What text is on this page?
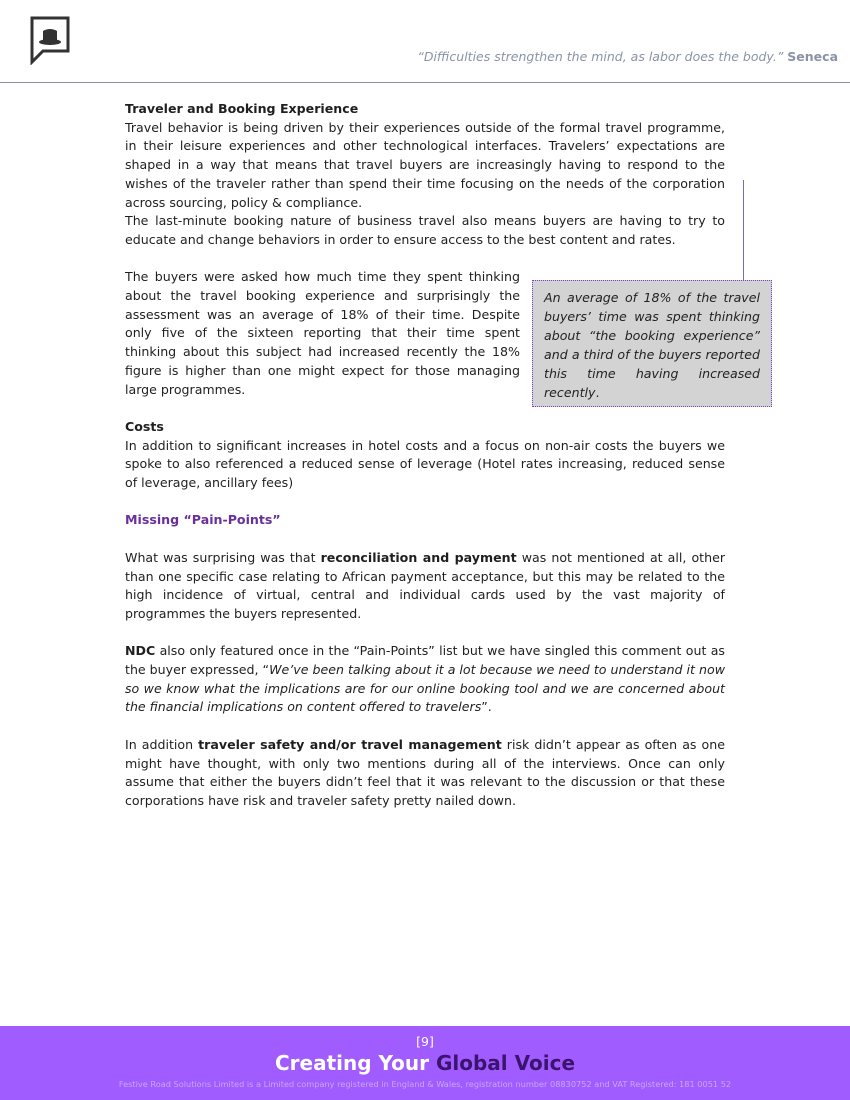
“Difficulties strengthen the mind, as labor does the body.” Seneca

Traveler and Booking Experience

Travel behavior is being driven by their experiences outside of the formal travel programme, in their leisure experiences and other technological interfaces. Travelers’ expectations are shaped in a way that means that travel buyers are increasingly having to respond to the wishes of the traveler rather than spend their time focusing on the needs of the corporation across sourcing, policy & compliance.

The last-minute booking nature of business travel also means buyers are having to try to educate and change behaviors in order to ensure access to the best content and rates.

The buyers were asked how much time they spent thinking about the travel booking experience and surprisingly the assessment was an average of 18% of their time. Despite only five of the sixteen reporting that their time spent thinking about this subject had increased recently the 18% figure is higher than one might expect for those managing large programmes.

Costs

In addition to significant increases in hotel costs and a focus on non-air costs the buyers we spoke to also referenced a reduced sense of leverage (Hotel rates increasing, reduced sense of leverage, ancillary fees)

Missing “Pain-Points”

What was surprising was that reconciliation and payment was not mentioned at all, other than one specific case relating to African payment acceptance, but this may be related to the high incidence of virtual, central and individual cards used by the vast majority of programmes the buyers represented.

NDC also only featured once in the “Pain-Points” list but we have singled this comment out as the buyer expressed, “We’ve been talking about it a lot because we need to understand it now so we know what the implications are for our online booking tool and we are concerned about the financial implications on content offered to travelers”.

In addition traveler safety and/or travel management risk didn’t appear as often as one might have thought, with only two mentions during all of the interviews. Once can only assume that either the buyers didn’t feel that it was relevant to the discussion or that these corporations have risk and traveler safety pretty nailed down.

An average of 18% of the travel buyers’ time was spent thinking about “the booking experience” and a third of the buyers reported this time having increased recently.
[9]
Creating Your Global Voice
Festive Road Solutions Limited is a Limited company registered in England & Wales, registration number 08830752 and VAT Registered: 181 0051 52
